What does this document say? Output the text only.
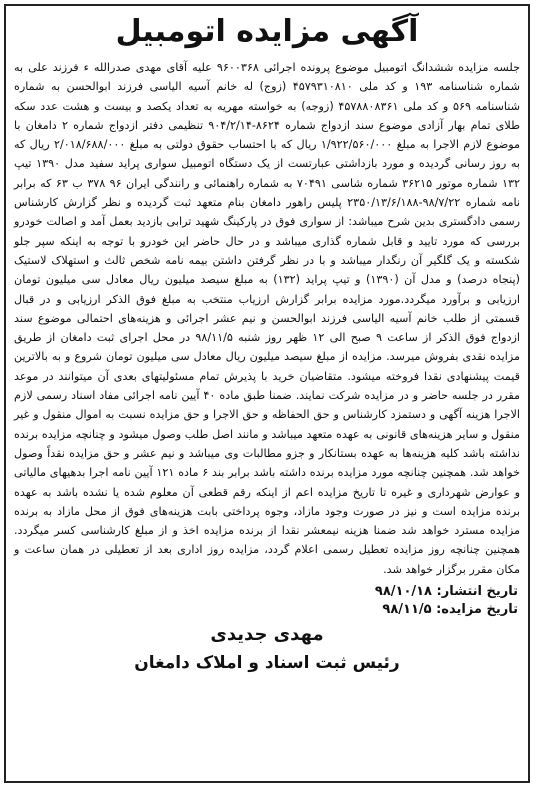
آگهی مزایده اتومبیل

جلسه مزایده ششدانگ اتومبیل موضوع پرونده اجرائی ۹۶۰۰۳۶۸ علیه آقای مهدی صدرالله ء فرزند علی به شماره شناسنامه ۱۹۳ و کد ملی ۴۵۷۹۳۱۰۸۱۰ (زوج) له خانم آسیه الیاسی فرزند ابوالحسن به شماره شناسنامه ۵۶۹ و کد ملی ۴۵۷۸۸۰۸۳۶۱ (زوجه) به خواسته مهریه به تعداد یکصد و بیست و هشت عدد سکه طلای تمام بهار آزادی موضوع سند ازدواج شماره ۸۶۲۴-۹۰۴/۲/۱۴ تنظیمی دفتر ازدواج شماره ۲ دامغان با موضوع لازم الاجرا به مبلغ ۱/۹۲۲/۵۶۰/۰۰۰ ریال که با احتساب حقوق دولتی به مبلغ ۲/۰۱۸/۶۸۸/۰۰۰ ریال که به روز رسانی گردیده و مورد بازداشتی عبارتست از یک دستگاه اتومبیل سواری پراید سفید مدل ۱۳۹۰ تیپ ۱۳۲ شماره موتور ۳۶۲۱۵ شماره شاسی ۷۰۴۹۱ به شماره راهنمائی و رانندگی ایران ۹۶ ۳۷۸ ب ۶۳ که برابر نامه شماره ۹۸/۷/۲۲-۲۳۵۰/۱۳/۶/۱۸۸ پلیس راهور دامغان بنام متعهد ثبت گردیده و نظر گزارش کارشناس رسمی دادگستری بدین شرح میباشد: از سواری فوق در پارکینگ شهید ترابی بازدید بعمل آمد و اصالت خودرو بررسی که مورد تایید و قابل شماره گذاری میباشد و در حال حاضر این خودرو با توجه به اینکه سپر جلو شکسته و یک گلگیر آن رنگدار میباشد و با در نظر گرفتن داشتن بیمه نامه شخص ثالث و استهلاک لاستیک (پنجاه درصد) و مدل آن (۱۳۹۰) و تیپ پراید (۱۳۲) به مبلغ سیصد میلیون ریال معادل سی میلیون تومان ارزیابی و برآورد میگردد.مورد مزایده برابر گزارش ارزیاب منتخب به مبلغ فوق الذکر ارزیابی و در قبال قسمتی از طلب خانم آسیه الیاسی فرزند ابوالحسن و نیم عشر اجرائی و هزینه‌های احتمالی موضوع سند ازدواج فوق الذکر از ساعت ۹ صبح الی ۱۲ ظهر روز شنبه ۹۸/۱۱/۵ در محل اجرای ثبت دامغان از طریق مزایده نقدی بفروش میرسد. مزایده از مبلغ سیصد میلیون ریال معادل سی میلیون تومان شروع و به بالاترین قیمت پیشنهادی نقدا فروخته میشود. متقاضیان خرید با پذیرش تمام مسئولیتهای بعدی آن میتوانند در موعد مقرر در جلسه حاضر و در مزایده شرکت نمایند. ضمنا طبق ماده ۴۰ آیین نامه اجرائی مفاد اسناد رسمی لازم الاجرا هزینه آگهی و دستمزد کارشناس و حق الحفاظه و حق الاجرا و حق مزایده نسبت به اموال منقول و غیر منقول و سایر هزینه‌های قانونی به عهده متعهد میباشد و مانند اصل طلب وصول میشود و چنانچه مزایده برنده نداشته باشد کلیه هزینه‌ها به عهده بستانکار و جزو مطالبات وی میباشد و نیم عشر و حق مزایده نقداً وصول خواهد شد. همچنین چنانچه مورد مزایده برنده داشته باشد برابر بند ۶ ماده ۱۲۱ آیین نامه اجرا بدهیهای مالیاتی و عوارض شهرداری و غیره تا تاریخ مزایده اعم از اینکه رقم قطعی آن معلوم شده یا نشده باشد به عهده برنده مزایده است و نیز در صورت وجود مازاد، وجوه پرداختی بابت هزینه‌های فوق از محل مازاد به برنده مزایده مسترد خواهد شد ضمنا هزینه نیمعشر نقدا از برنده مزایده اخذ و از مبلغ کارشناسی کسر میگردد. همچنین چنانچه روز مزایده تعطیل رسمی اعلام گردد، مزایده روز اداری بعد از تعطیلی در همان ساعت و مکان مقرر برگزار خواهد شد.

تاریخ انتشار: ۹۸/۱۰/۱۸
تاریخ مزایده: ۹۸/۱۱/۵
مهدی جدیدی
رئیس ثبت اسناد و املاک دامغان
